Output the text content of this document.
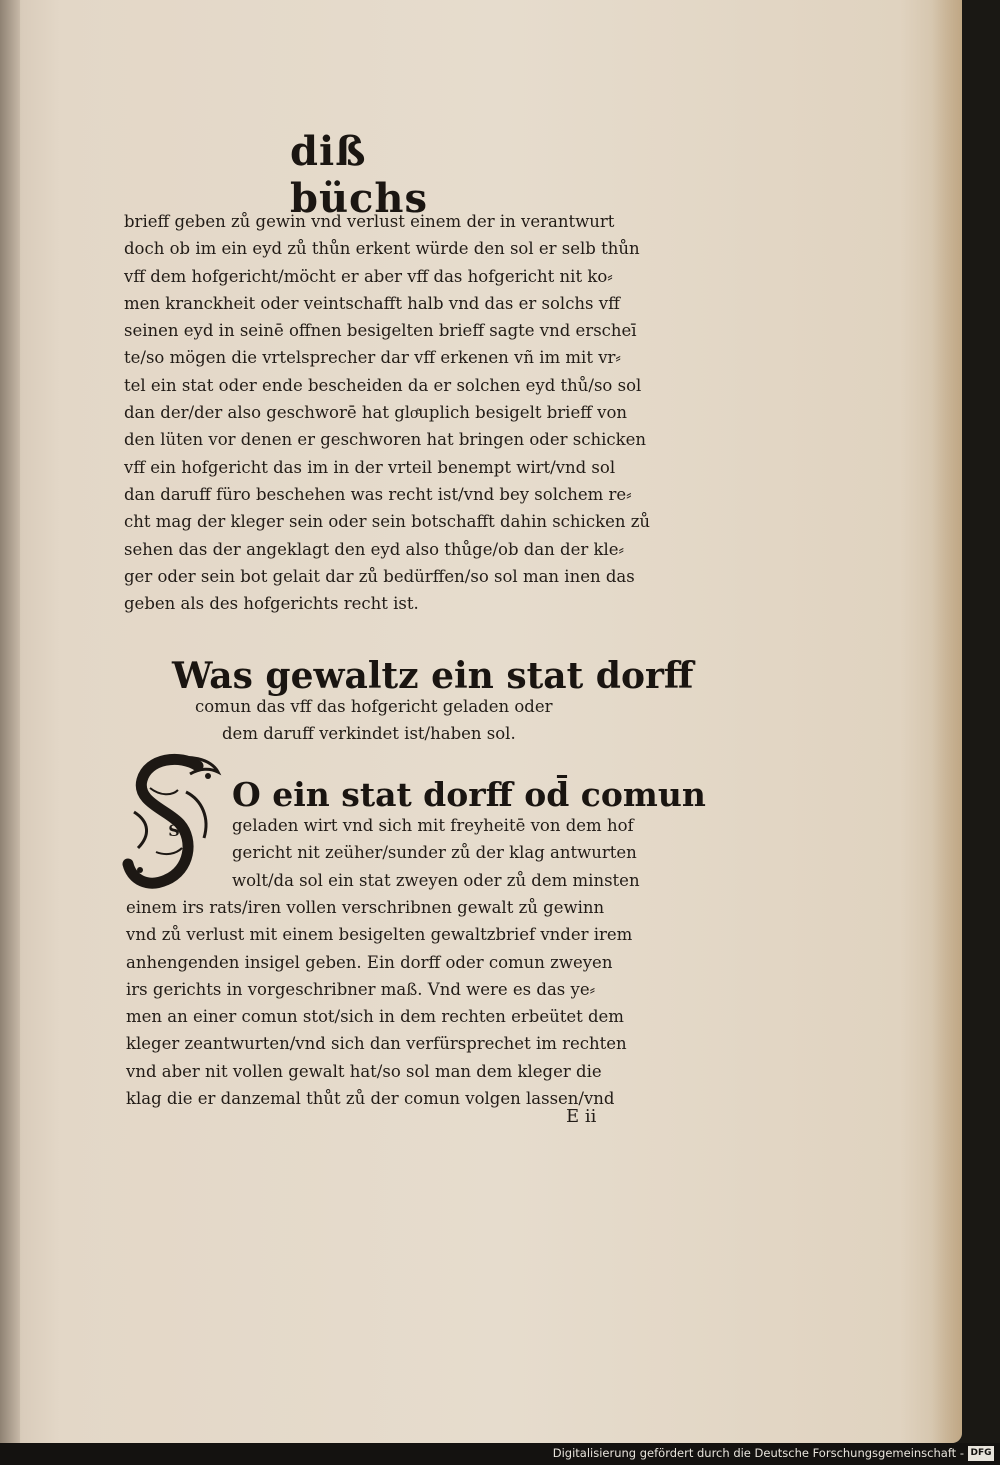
diß büchs
brieff geben zů gewin vnd verlust einem der in verantwurt
doch ob im ein eyd zů thůn erkent würde den sol er selb thůn
vff dem hofgericht/möcht er aber vff das hofgericht nit ko⸗
men kranckheit oder veintschafft halb vnd das er solchs vff
seinen eyd in seinē offnen besigelten brieff sagte vnd erscheī
te/so mögen die vrtelsprecher dar vff erkenen vñ im mit vr⸗
tel ein stat oder ende bescheiden da er solchen eyd thů/so sol
dan der/der also geschworē hat gloͤuplich besigelt brieff von
den lüten vor denen er geschworen hat bringen oder schicken
vff ein hofgericht das im in der vrteil benempt wirt/vnd sol
dan daruff füro beschehen was recht ist/vnd bey solchem re⸗
cht mag der kleger sein oder sein botschafft dahin schicken zů
sehen das der angeklagt den eyd also thůge/ob dan der kle⸗
ger oder sein bot gelait dar zů bedürffen/so sol man inen das
geben als des hofgerichts recht ist.
Was gewaltz ein stat dorff
comun das vff das hofgericht geladen oder
dem daruff verkindet ist/haben sol.
S
O ein stat dorff od̄ comun
geladen wirt vnd sich mit freyheitē von dem hof
gericht nit zeüher/sunder zů der klag antwurten
wolt/da sol ein stat zweyen oder zů dem minsten
einem irs rats/iren vollen verschribnen gewalt zů gewinn
vnd zů verlust mit einem besigelten gewaltzbrief vnder irem
anhengenden insigel geben. Ein dorff oder comun zweyen
irs gerichts in vorgeschribner maß. Vnd were es das ye⸗
men an einer comun stot/sich in dem rechten erbeütet dem
kleger zeantwurten/vnd sich dan verfürsprechet im rechten
vnd aber nit vollen gewalt hat/so sol man dem kleger die
klag die er danzemal thůt zů der comun volgen lassen/vnd
E ii
Digitalisierung gefördert durch die Deutsche Forschungsgemeinschaft - DFG
